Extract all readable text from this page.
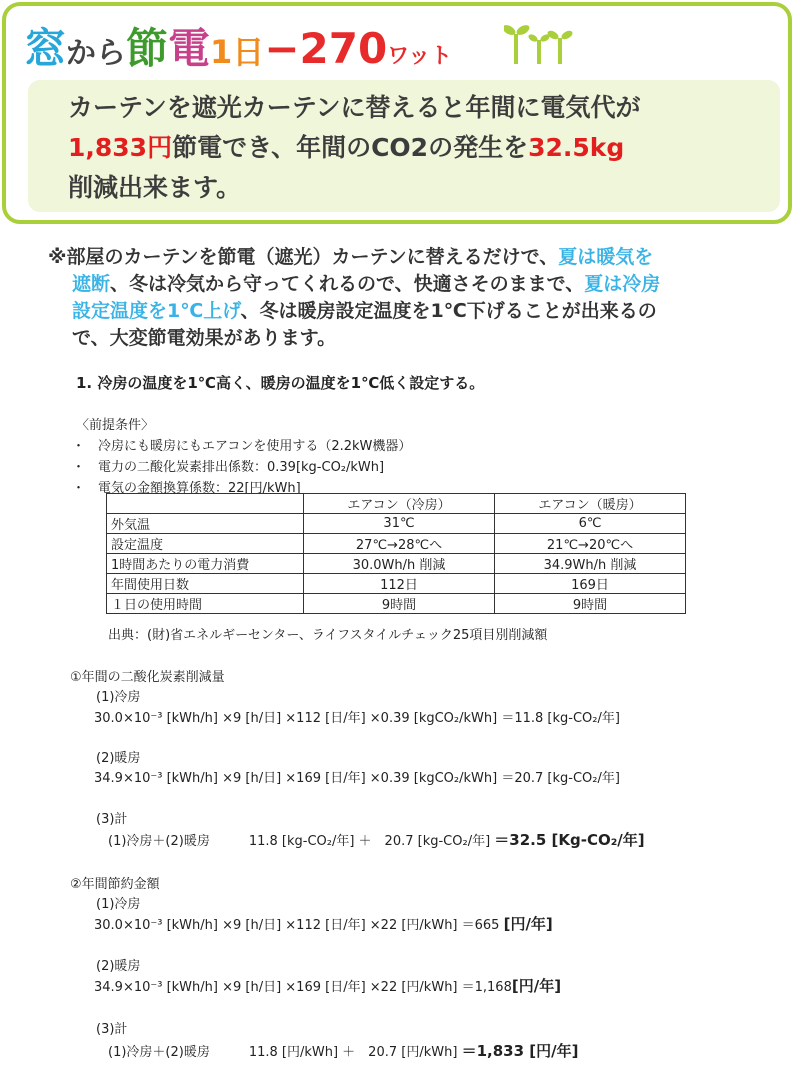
窓から節電1日−270ワット

カーテンを遮光カーテンに替えると年間に電気代が

1,833円節電でき、年間のCO2の発生を32.5kg

削減出来ます。

※部屋のカーテンを節電（遮光）カーテンに替えるだけで、夏は暖気を
遮断、冬は冷気から守ってくれるので、快適さそのままで、夏は冷房
設定温度を1℃上げ、冬は暖房設定温度を1℃下げることが出来るの
で、大変節電効果があります。
1. 冷房の温度を1℃高く、暖房の温度を1℃低く設定する。
〈前提条件〉
・　冷房にも暖房にもエアコンを使用する（2.2kW機器）
・　電力の二酸化炭素排出係数：0.39[kg-CO₂/kWh]
・　電気の金額換算係数：22[円/kWh]
	エアコン（冷房）	エアコン（暖房）
外気温	31℃	6℃
設定温度	27℃→28℃へ	21℃→20℃へ
1時間あたりの電力消費	30.0Wh/h 削減	34.9Wh/h 削減
年間使用日数	112日	169日
１日の使用時間	9時間	9時間
出典：(財)省エネルギーセンター、ライフスタイルチェック25項目別削減額
①年間の二酸化炭素削減量
(1)冷房
30.0×10⁻³ [kWh/h] ×9 [h/日] ×112 [日/年] ×0.39 [kgCO₂/kWh] ＝11.8 [kg-CO₂/年]
(2)暖房
34.9×10⁻³ [kWh/h] ×9 [h/日] ×169 [日/年] ×0.39 [kgCO₂/kWh] ＝20.7 [kg-CO₂/年]
(3)計
(1)冷房＋(2)暖房　　　11.8 [kg-CO₂/年] ＋　20.7 [kg-CO₂/年] ＝32.5 [Kg-CO₂/年]
②年間節約金額
(1)冷房
30.0×10⁻³ [kWh/h] ×9 [h/日] ×112 [日/年] ×22 [円/kWh] ＝665 [円/年]
(2)暖房
34.9×10⁻³ [kWh/h] ×9 [h/日] ×169 [日/年] ×22 [円/kWh] ＝1,168[円/年]
(3)計
(1)冷房＋(2)暖房　　　11.8 [円/kWh] ＋　20.7 [円/kWh] ＝1,833 [円/年]
